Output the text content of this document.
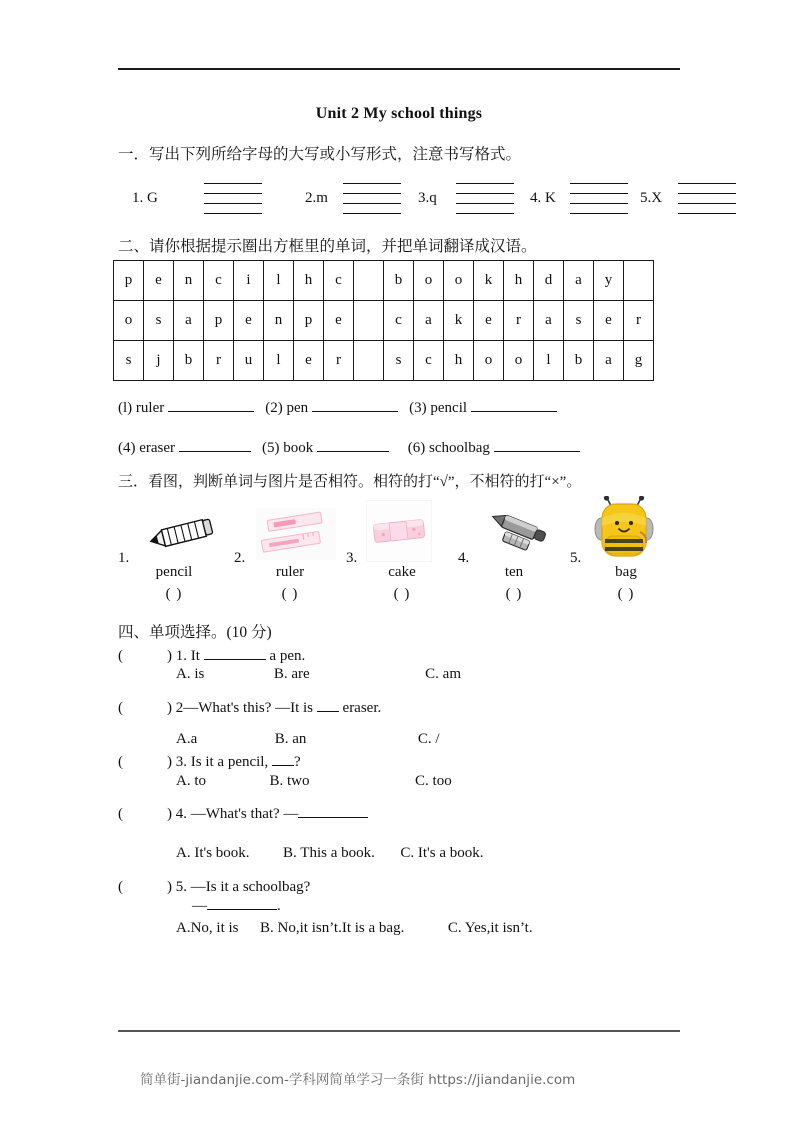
Unit 2 My school things
一．写出下列所给字母的大写或小写形式，注意书写格式。
1. G	2.m	3.q	4. K	5.X
二、请你根据提示圈出方框里的单词，并把单词翻译成汉语。
p	e	n	c	i	l	h	c		b	o	o	k	h	d	a	y	
o	s	a	p	e	n	p	e		c	a	k	e	r	a	s	e	r
s	j	b	r	u	l	e	r		s	c	h	o	o	l	b	a	g
(l) ruler	(2) pen	(3) pencil
(4) eraser	(5) book	(6) schoolbag
三．看图，判断单词与图片是否相符。相符的打“√”，不相符的打“×”。
1.
pencil
( )
2.
ruler
( )
3.
cake
( )
4.
ten
( )
5.
bag
( )
四、单项选择。(10 分)
(	) 1. It	a pen.
A. is	B. are	C. am
(	) 2—What's this? —It is  eraser.
A.a	B. an	C. /
(	) 3. Is it a pencil, ?
A. to	B. two	C. too
(	) 4. —What's that? —
A. It's book. B. This a book. C. It's a book.
(	) 5. —Is it a schoolbag?
—	.
A.No, it is B. No,it isn’t.It is a bag.	C. Yes,it isn’t.
简单街-jiandanjie.com-学科网简单学习一条街 https://jiandanjie.com
